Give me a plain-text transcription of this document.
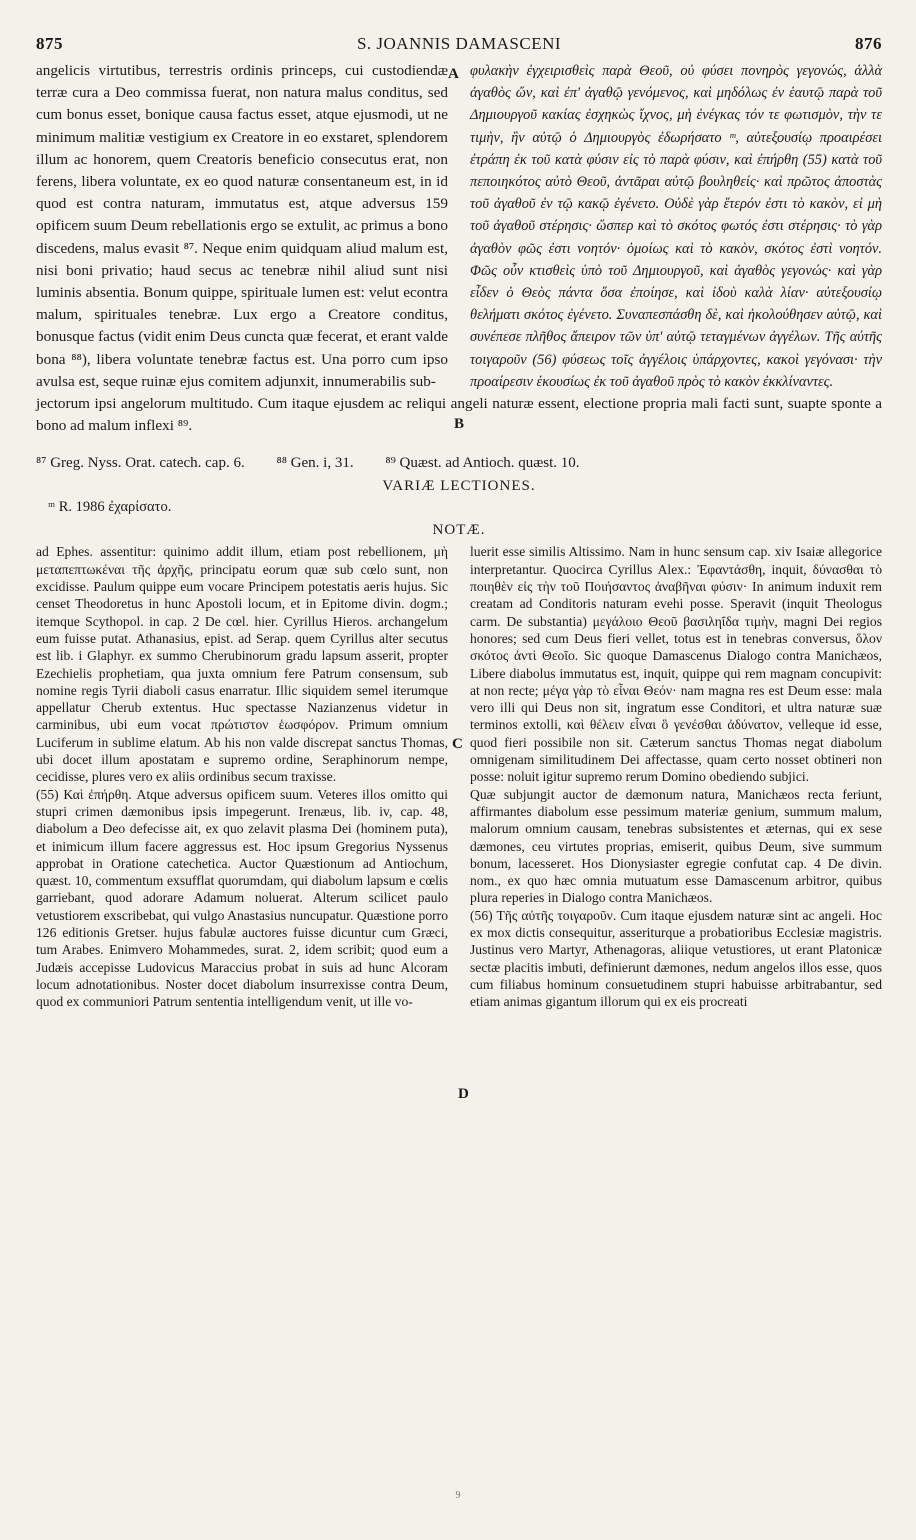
875	S. JOANNIS DAMASCENI	876

angelicis virtutibus, terrestris ordinis princeps, cui custodiendæ terræ cura a Deo commissa fuerat, non natura malus conditus, sed cum bonus esset, bonique causa factus esset, atque ejusmodi, ut ne minimum malitiæ vestigium ex Creatore in eo exstaret, splendorem illum ac honorem, quem Creatoris beneficio consecutus erat, non ferens, libera voluntate, ex eo quod naturæ consentaneum est, in id quod est contra naturam, immutatus est, atque adversus 159 opificem suum Deum rebellationis ergo se extulit, ac primus a bono discedens, malus evasit ⁸⁷. Neque enim quidquam aliud malum est, nisi boni privatio; haud secus ac tenebræ nihil aliud sunt nisi luminis absentia. Bonum quippe, spirituale lumen est: velut econtra malum, spirituales tenebræ. Lux ergo a Creatore conditus, bonusque factus (vidit enim Deus cuncta quæ fecerat, et erant valde bona ⁸⁸), libera voluntate tenebræ factus est. Una porro cum ipso avulsa est, seque ruinæ ejus comitem adjunxit, innumerabilis sub-

φυλακὴν ἐγχειρισθεὶς παρὰ Θεοῦ, οὐ φύσει πονηρὸς γεγονώς, ἀλλὰ ἀγαθὸς ὤν, καὶ ἐπ' ἀγαθῷ γενόμενος, καὶ μηδόλως ἐν ἑαυτῷ παρὰ τοῦ Δημιουργοῦ κακίας ἐσχηκὼς ἴχνος, μὴ ἐνέγκας τόν τε φωτισμὸν, τὴν τε τιμὴν, ἣν αὐτῷ ὁ Δημιουργὸς ἐδωρήσατο ᵐ, αὐτεξουσίῳ προαιρέσει ἐτράπη ἐκ τοῦ κατὰ φύσιν εἰς τὸ παρὰ φύσιν, καὶ ἐπήρθη (55) κατὰ τοῦ πεποιηκότος αὐτὸ Θεοῦ, ἀντᾶραι αὐτῷ βουληθείς· καὶ πρῶτος ἀποστὰς τοῦ ἀγαθοῦ ἐν τῷ κακῷ ἐγένετο. Οὐδὲ γὰρ ἕτερόν ἐστι τὸ κακὸν, εἰ μὴ τοῦ ἀγαθοῦ στέρησις· ὥσπερ καὶ τὸ σκότος φωτός ἐστι στέρησις· τὸ γὰρ ἀγαθὸν φῶς ἐστι νοητόν· ὁμοίως καὶ τὸ κακὸν, σκότος ἐστὶ νοητόν. Φῶς οὖν κτισθεὶς ὑπὸ τοῦ Δημιουργοῦ, καὶ ἀγαθὸς γεγονώς· καὶ γὰρ εἶδεν ὁ Θεὸς πάντα ὅσα ἐποίησε, καὶ ἰδοὺ καλὰ λίαν· αὐτεξουσίῳ θελήματι σκότος ἐγένετο. Συναπεσπάσθη δὲ, καὶ ἠκολούθησεν αὐτῷ, καὶ συνέπεσε πλῆθος ἄπειρον τῶν ὑπ' αὐτῷ τεταγμένων ἀγγέλων. Τῆς αὐτῆς τοιγαροῦν (56) φύσεως τοῖς ἀγγέλοις ὑπάρχοντες, κακοὶ γεγόνασι· τὴν προαίρεσιν ἑκουσίως ἐκ τοῦ ἀγαθοῦ πρὸς τὸ κακὸν ἐκκλίναντες.

jectorum ipsi angelorum multitudo. Cum itaque ejusdem ac reliqui angeli naturæ essent, electione propria mali facti sunt, suapte sponte a bono ad malum inflexi ⁸⁹.
⁸⁷ Greg. Nyss. Orat. catech. cap. 6. ⁸⁸ Gen. i, 31. ⁸⁹ Quæst. ad Antioch. quæst. 10.
VARIÆ LECTIONES.
ᵐ R. 1986 ἐχαρίσατο.
NOTÆ.

ad Ephes. assentitur: quinimo addit illum, etiam post rebellionem, μὴ μεταπεπτωκέναι τῆς ἀρχῆς, principatu eorum quæ sub cœlo sunt, non excidisse. Paulum quippe eum vocare Principem potestatis aeris hujus. Sic censet Theodoretus in hunc Apostoli locum, et in Epitome divin. dogm.; itemque Scythopol. in cap. 2 De cœl. hier. Cyrillus Hieros. archangelum eum fuisse putat. Athanasius, epist. ad Serap. quem Cyrillus alter secutus est lib. i Glaphyr. ex summo Cherubinorum gradu lapsum asserit, propter Ezechielis prophetiam, qua juxta omnium fere Patrum consensum, sub nomine regis Tyrii diaboli casus enarratur. Illic siquidem semel iterumque appellatur Cherub extentus. Huc spectasse Nazianzenus videtur in carminibus, ubi eum vocat πρώτιστον ἑωσφόρον. Primum omnium Luciferum in sublime elatum. Ab his non valde discrepat sanctus Thomas, ubi docet illum apostatam e supremo ordine, Seraphinorum nempe, cecidisse, plures vero ex aliis ordinibus secum traxisse.

(55) Καὶ ἐπήρθη. Atque adversus opificem suum. Veteres illos omitto qui stupri crimen dæmonibus ipsis impegerunt. Irenæus, lib. iv, cap. 48, diabolum a Deo defecisse ait, ex quo zelavit plasma Dei (hominem puta), et inimicum illum facere aggressus est. Hoc ipsum Gregorius Nyssenus approbat in Oratione catechetica. Auctor Quæstionum ad Antiochum, quæst. 10, commentum exsufflat quorumdam, qui diabolum lapsum e cœlis garriebant, quod adorare Adamum noluerat. Alterum scilicet paulo vetustiorem exscribebat, qui vulgo Anastasius nuncupatur. Quæstione porro 126 editionis Gretser. hujus fabulæ auctores fuisse dicuntur cum Græci, tum Arabes. Enimvero Mohammedes, surat. 2, idem scribit; quod eum a Judæis accepisse Ludovicus Maraccius probat in suis ad hunc Alcoram locum adnotationibus. Noster docet diabolum insurrexisse contra Deum, quod ex communiori Patrum sententia intelligendum venit, ut ille vo-

luerit esse similis Altissimo. Nam in hunc sensum cap. xiv Isaiæ allegorice interpretantur. Quocirca Cyrillus Alex.: Ἐφαντάσθη, inquit, δύνασθαι τὸ ποιηθὲν εἰς τὴν τοῦ Ποιήσαντος ἀναβῆναι φύσιν· In animum induxit rem creatam ad Conditoris naturam evehi posse. Speravit (inquit Theologus carm. De substantia) μεγάλοιο Θεοῦ βασιληΐδα τιμὴν, magni Dei regios honores; sed cum Deus fieri vellet, totus est in tenebras conversus, ὅλον σκότος ἀντὶ Θεοῖο. Sic quoque Damascenus Dialogo contra Manichæos, Libere diabolus immutatus est, inquit, quippe qui rem magnam concupivit: at non recte; μέγα γὰρ τὸ εἶναι Θεόν· nam magna res est Deum esse: mala vero illi qui Deus non sit, ingratum esse Conditori, et ultra naturæ suæ terminos extolli, καὶ θέλειν εἶναι ὃ γενέσθαι ἀδύνατον, velleque id esse, quod fieri possibile non sit. Cæterum sanctus Thomas negat diabolum omnigenam similitudinem Dei affectasse, quam certo nosset obtineri non posse: noluit igitur supremo rerum Domino obediendo subjici.

Quæ subjungit auctor de dæmonum natura, Manichæos recta feriunt, affirmantes diabolum esse pessimum materiæ genium, summum malum, malorum omnium causam, tenebras subsistentes et æternas, qui ex sese dæmones, ceu virtutes proprias, emiserit, quibus Deum, sive summum bonum, lacesseret. Hos Dionysiaster egregie confutat cap. 4 De divin. nom., ex quo hæc omnia mutuatum esse Damascenum arbitror, quibus plura reperies in Dialogo contra Manichæos.

(56) Τῆς αὐτῆς τοιγαροῦν. Cum itaque ejusdem naturæ sint ac angeli. Hoc ex mox dictis consequitur, asseriturque a probatioribus Ecclesiæ magistris. Justinus vero Martyr, Athenagoras, aliique vetustiores, ut erant Platonicæ sectæ placitis imbuti, definierunt dæmones, nedum angelos illos esse, quos cum filiabus hominum consuetudinem stupri habuisse arbitrabantur, sed etiam animas gigantum illorum qui ex eis procreati

A
B
C
D
9
